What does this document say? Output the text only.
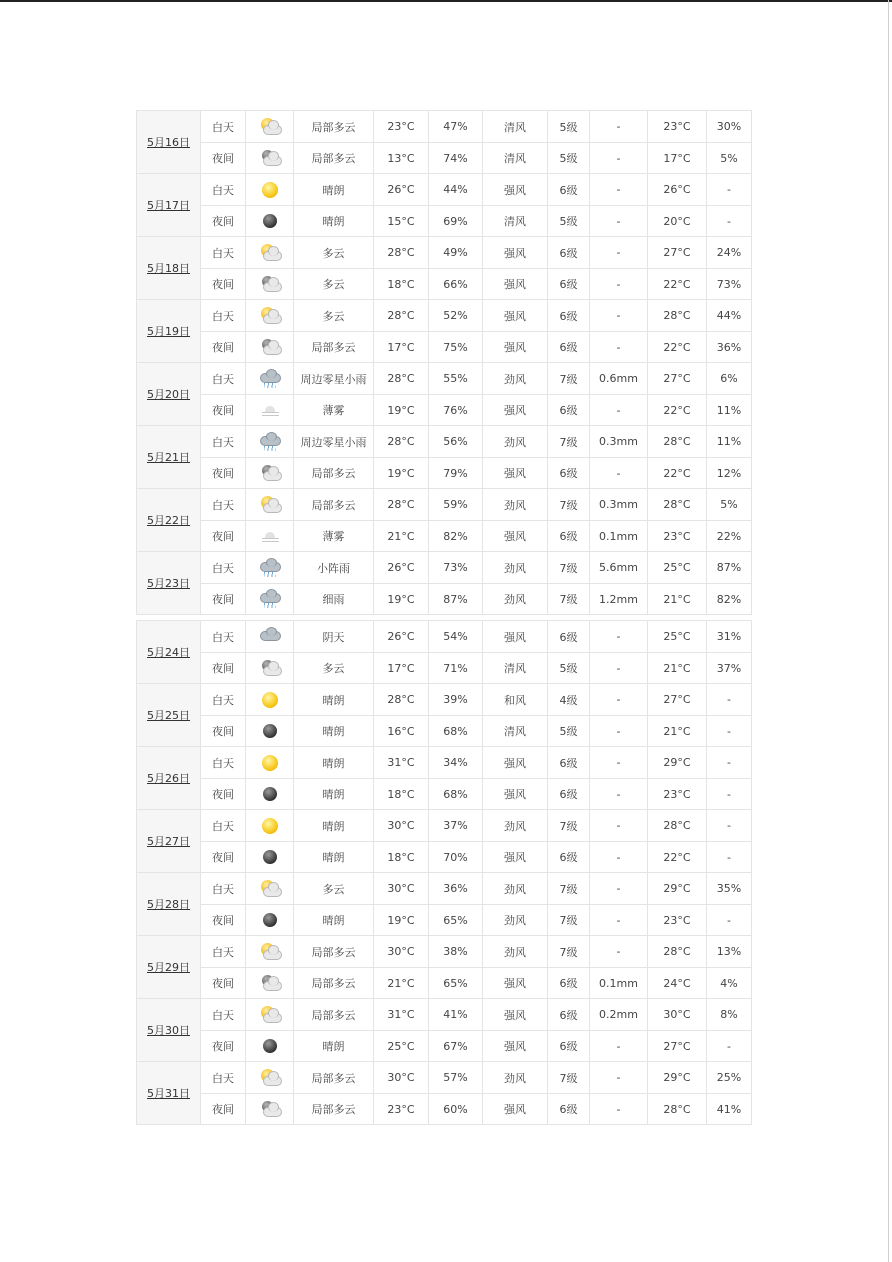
5月16日	白天		局部多云	23°C	47%	清风	5级	-	23°C	30%
	夜间		局部多云	13°C	74%	清风	5级	-	17°C	5%
5月17日	白天		晴朗	26°C	44%	强风	6级	-	26°C	-
	夜间		晴朗	15°C	69%	清风	5级	-	20°C	-
5月18日	白天		多云	28°C	49%	强风	6级	-	27°C	24%
	夜间		多云	18°C	66%	强风	6级	-	22°C	73%
5月19日	白天		多云	28°C	52%	强风	6级	-	28°C	44%
	夜间		局部多云	17°C	75%	强风	6级	-	22°C	36%
5月20日	白天		周边零星小雨	28°C	55%	劲风	7级	0.6mm	27°C	6%
	夜间		薄雾	19°C	76%	强风	6级	-	22°C	11%
5月21日	白天		周边零星小雨	28°C	56%	劲风	7级	0.3mm	28°C	11%
	夜间		局部多云	19°C	79%	强风	6级	-	22°C	12%
5月22日	白天		局部多云	28°C	59%	劲风	7级	0.3mm	28°C	5%
	夜间		薄雾	21°C	82%	强风	6级	0.1mm	23°C	22%
5月23日	白天		小阵雨	26°C	73%	劲风	7级	5.6mm	25°C	87%
	夜间		细雨	19°C	87%	劲风	7级	1.2mm	21°C	82%
5月24日	白天		阴天	26°C	54%	强风	6级	-	25°C	31%
	夜间		多云	17°C	71%	清风	5级	-	21°C	37%
5月25日	白天		晴朗	28°C	39%	和风	4级	-	27°C	-
	夜间		晴朗	16°C	68%	清风	5级	-	21°C	-
5月26日	白天		晴朗	31°C	34%	强风	6级	-	29°C	-
	夜间		晴朗	18°C	68%	强风	6级	-	23°C	-
5月27日	白天		晴朗	30°C	37%	劲风	7级	-	28°C	-
	夜间		晴朗	18°C	70%	强风	6级	-	22°C	-
5月28日	白天		多云	30°C	36%	劲风	7级	-	29°C	35%
	夜间		晴朗	19°C	65%	劲风	7级	-	23°C	-
5月29日	白天		局部多云	30°C	38%	劲风	7级	-	28°C	13%
	夜间		局部多云	21°C	65%	强风	6级	0.1mm	24°C	4%
5月30日	白天		局部多云	31°C	41%	强风	6级	0.2mm	30°C	8%
	夜间		晴朗	25°C	67%	强风	6级	-	27°C	-
5月31日	白天		局部多云	30°C	57%	劲风	7级	-	29°C	25%
	夜间		局部多云	23°C	60%	强风	6级	-	28°C	41%
